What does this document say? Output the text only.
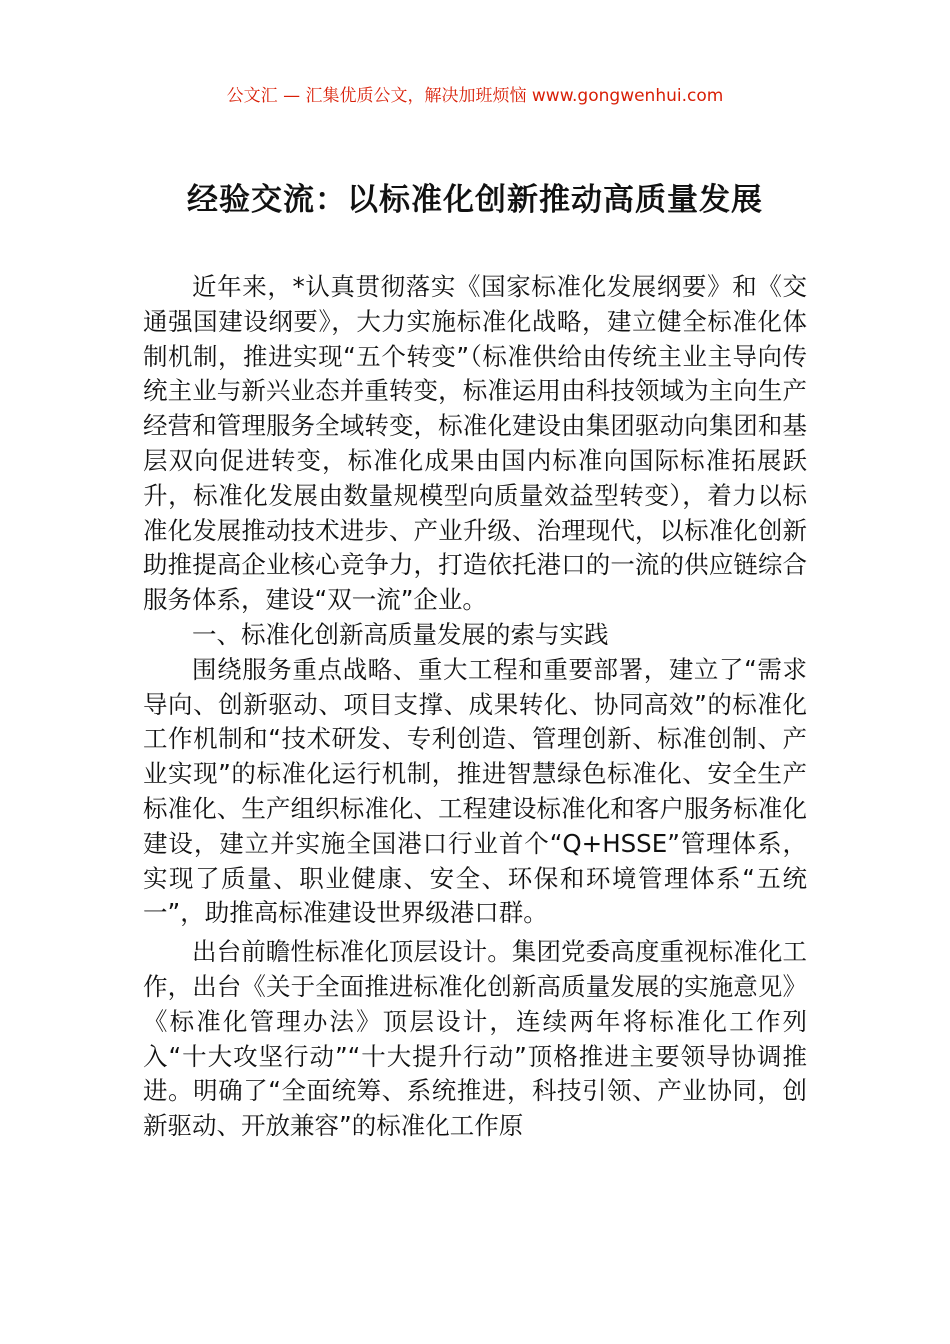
公文汇 — 汇集优质公文，解决加班烦恼 www.gongwenhui.com
经验交流：以标准化创新推动高质量发展

近年来，*认真贯彻落实《国家标准化发展纲要》和《交通强国建设纲要》，大力实施标准化战略，建立健全标准化体制机制，推进实现“五个转变”（标准供给由传统主业主导向传统主业与新兴业态并重转变，标准运用由科技领域为主向生产经营和管理服务全域转变，标准化建设由集团驱动向集团和基层双向促进转变，标准化成果由国内标准向国际标准拓展跃升，标准化发展由数量规模型向质量效益型转变），着力以标准化发展推动技术进步、产业升级、治理现代，以标准化创新助推提高企业核心竞争力，打造依托港口的一流的供应链综合服务体系，建设“双一流”企业。

一、标准化创新高质量发展的索与实践

围绕服务重点战略、重大工程和重要部署，建立了“需求导向、创新驱动、项目支撑、成果转化、协同高效”的标准化工作机制和“技术研发、专利创造、管理创新、标准创制、产业实现”的标准化运行机制，推进智慧绿色标准化、安全生产标准化、生产组织标准化、工程建设标准化和客户服务标准化建设，建立并实施全国港口行业首个“Q+HSSE”管理体系，实现了质量、职业健康、安全、环保和环境管理体系“五统一”，助推高标准建设世界级港口群。

出台前瞻性标准化顶层设计。集团党委高度重视标准化工作，出台《关于全面推进标准化创新高质量发展的实施意见》《标准化管理办法》顶层设计，连续两年将标准化工作列入“十大攻坚行动”“十大提升行动”顶格推进主要领导协调推进。明确了“全面统筹、系统推进，科技引领、产业协同，创新驱动、开放兼容”的标准化工作原
